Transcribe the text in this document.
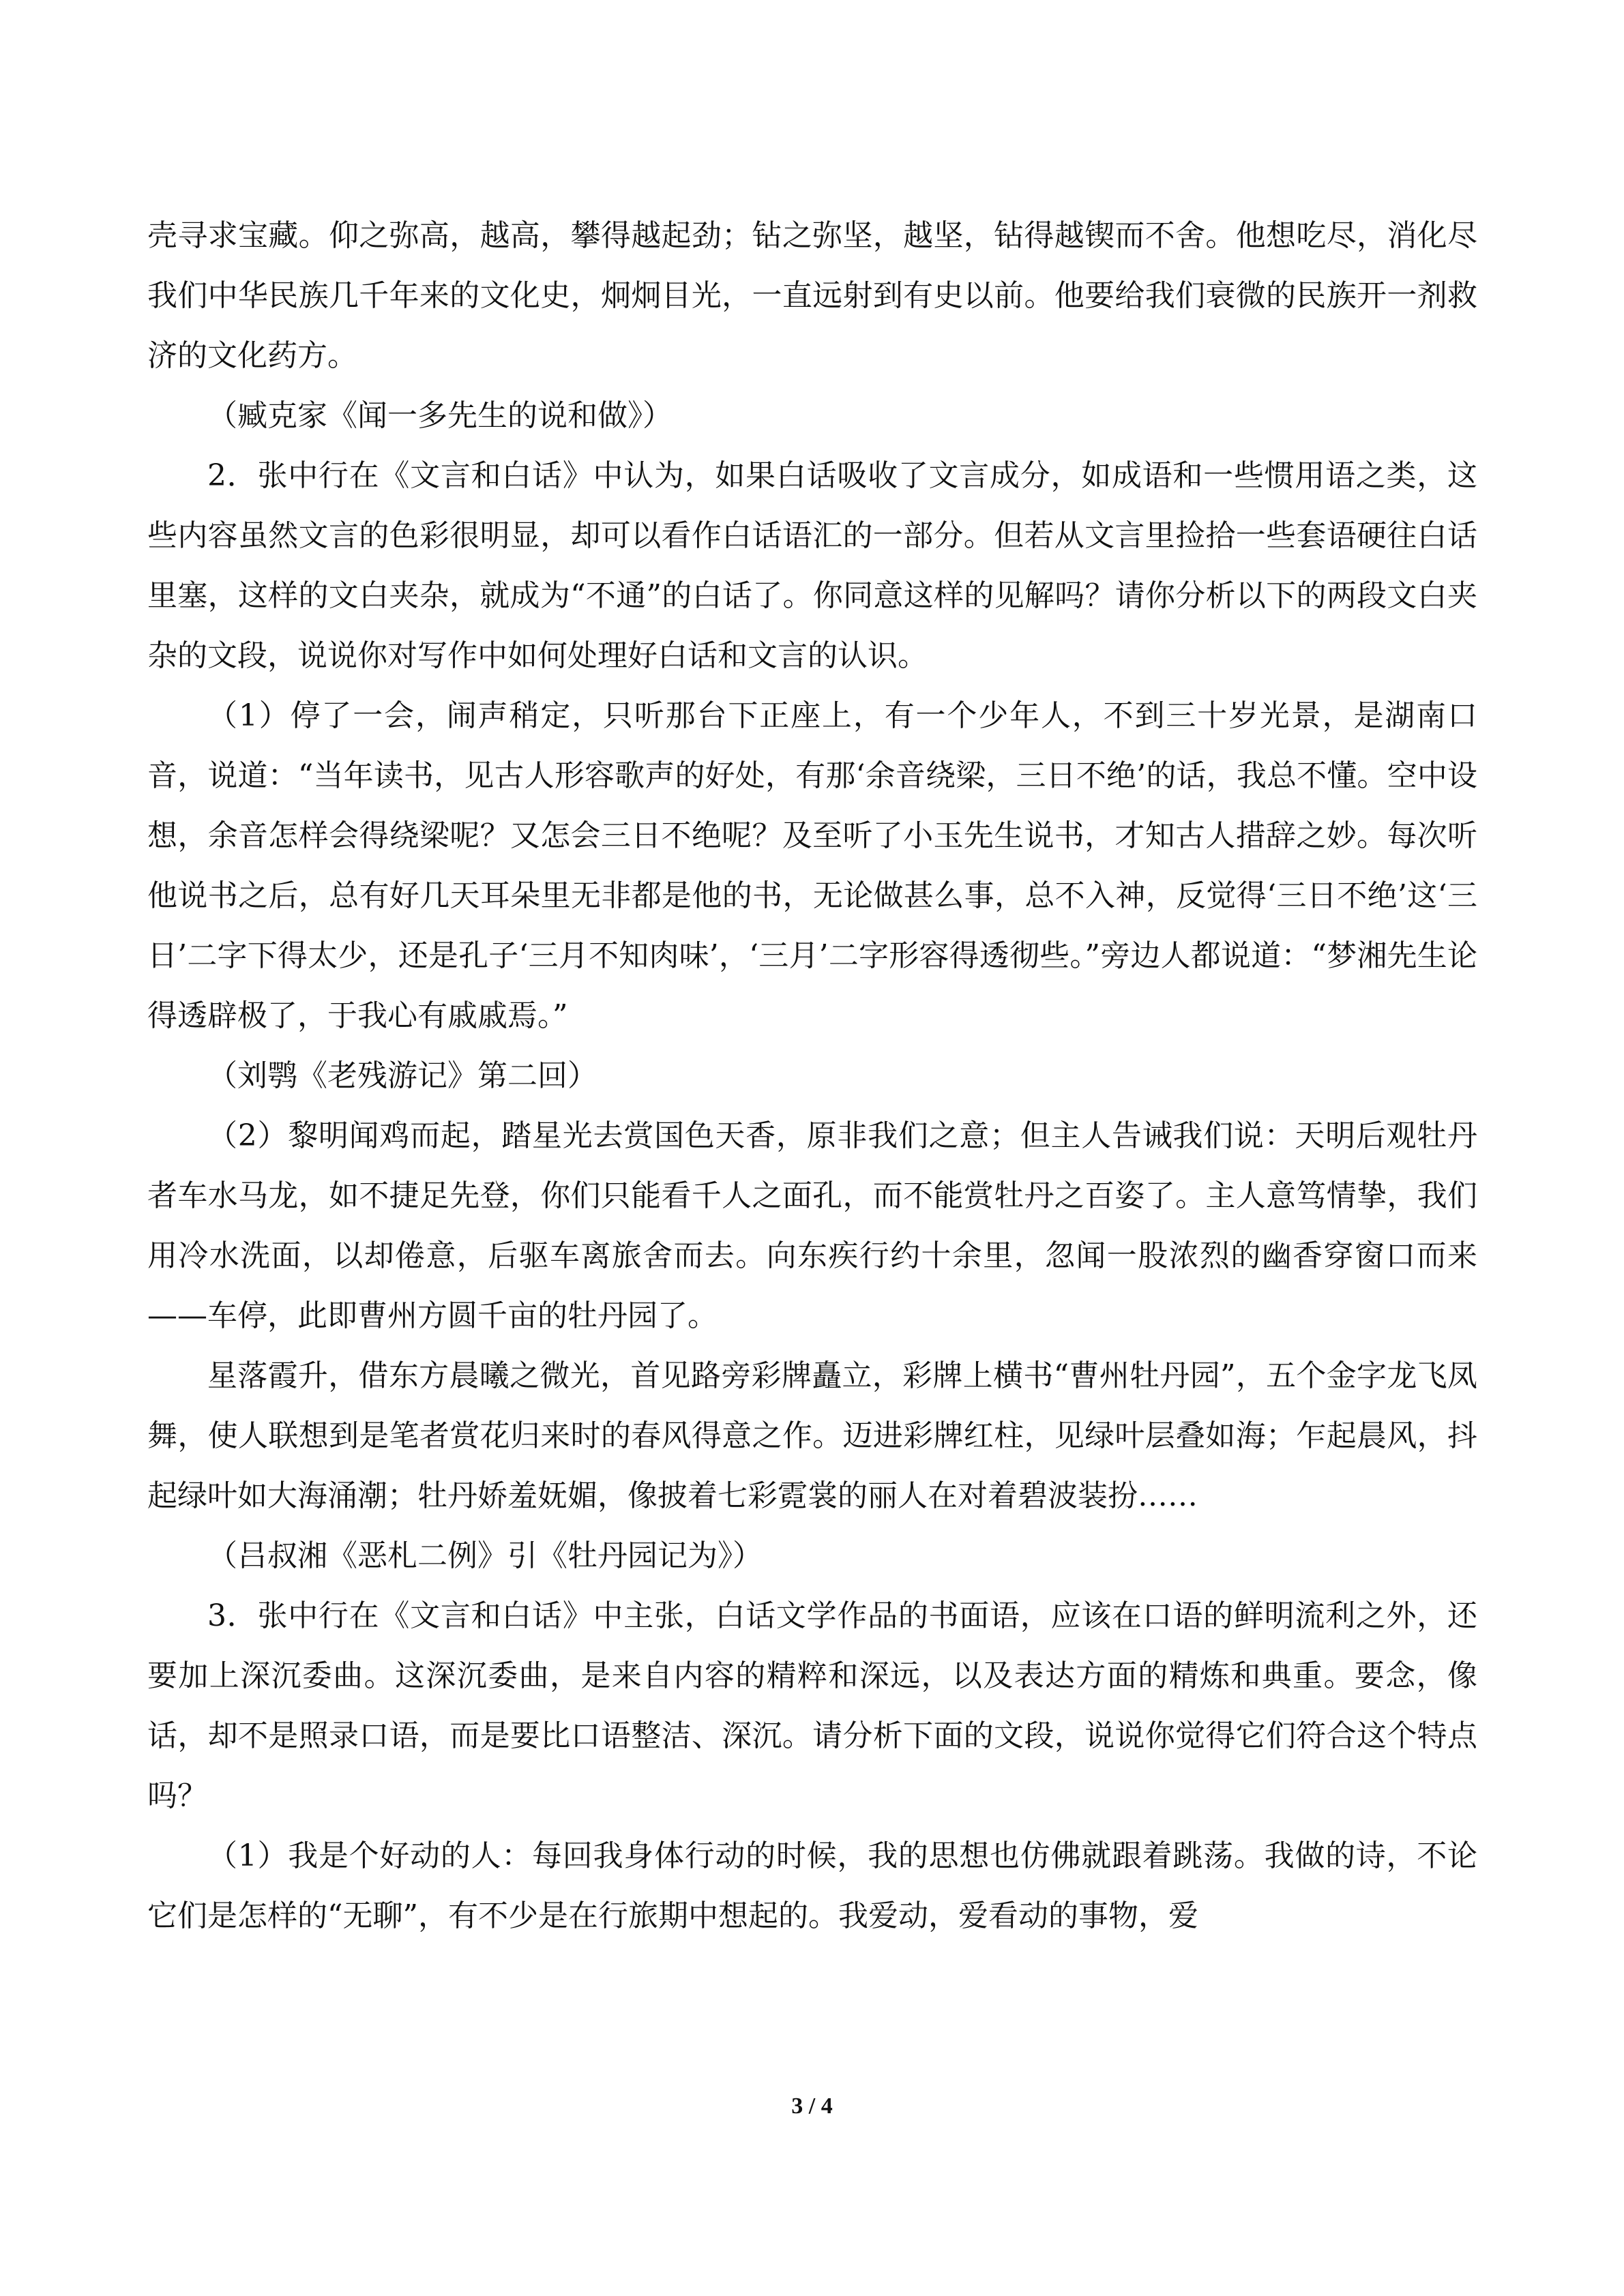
壳寻求宝藏。仰之弥高，越高，攀得越起劲；钻之弥坚，越坚，钻得越锲而不舍。他想吃尽，消化尽我们中华民族几千年来的文化史，炯炯目光，一直远射到有史以前。他要给我们衰微的民族开一剂救济的文化药方。

（臧克家《闻一多先生的说和做》）

2．张中行在《文言和白话》中认为，如果白话吸收了文言成分，如成语和一些惯用语之类，这些内容虽然文言的色彩很明显，却可以看作白话语汇的一部分。但若从文言里捡拾一些套语硬往白话里塞，这样的文白夹杂，就成为“不通”的白话了。你同意这样的见解吗？请你分析以下的两段文白夹杂的文段，说说你对写作中如何处理好白话和文言的认识。

（1）停了一会，闹声稍定，只听那台下正座上，有一个少年人，不到三十岁光景，是湖南口音，说道：“当年读书，见古人形容歌声的好处，有那‘余音绕梁，三日不绝’的话，我总不懂。空中设想，余音怎样会得绕梁呢？又怎会三日不绝呢？及至听了小玉先生说书，才知古人措辞之妙。每次听他说书之后，总有好几天耳朵里无非都是他的书，无论做甚么事，总不入神，反觉得‘三日不绝’这‘三日’二字下得太少，还是孔子‘三月不知肉味’，‘三月’二字形容得透彻些。”旁边人都说道：“梦湘先生论得透辟极了，于我心有戚戚焉。”

（刘鹗《老残游记》第二回）

（2）黎明闻鸡而起，踏星光去赏国色天香，原非我们之意；但主人告诫我们说：天明后观牡丹者车水马龙，如不捷足先登，你们只能看千人之面孔，而不能赏牡丹之百姿了。主人意笃情挚，我们用冷水洗面，以却倦意，后驱车离旅舍而去。向东疾行约十余里，忽闻一股浓烈的幽香穿窗口而来——车停，此即曹州方圆千亩的牡丹园了。

星落霞升，借东方晨曦之微光，首见路旁彩牌矗立，彩牌上横书“曹州牡丹园”，五个金字龙飞凤舞，使人联想到是笔者赏花归来时的春风得意之作。迈进彩牌红柱，见绿叶层叠如海；乍起晨风，抖起绿叶如大海涌潮；牡丹娇羞妩媚，像披着七彩霓裳的丽人在对着碧波装扮……

（吕叔湘《恶札二例》引《牡丹园记为》）

3．张中行在《文言和白话》中主张，白话文学作品的书面语，应该在口语的鲜明流利之外，还要加上深沉委曲。这深沉委曲，是来自内容的精粹和深远，以及表达方面的精炼和典重。要念，像话，却不是照录口语，而是要比口语整洁、深沉。请分析下面的文段，说说你觉得它们符合这个特点吗？

（1）我是个好动的人：每回我身体行动的时候，我的思想也仿佛就跟着跳荡。我做的诗，不论它们是怎样的“无聊”，有不少是在行旅期中想起的。我爱动，爱看动的事物，爱

3 / 4
